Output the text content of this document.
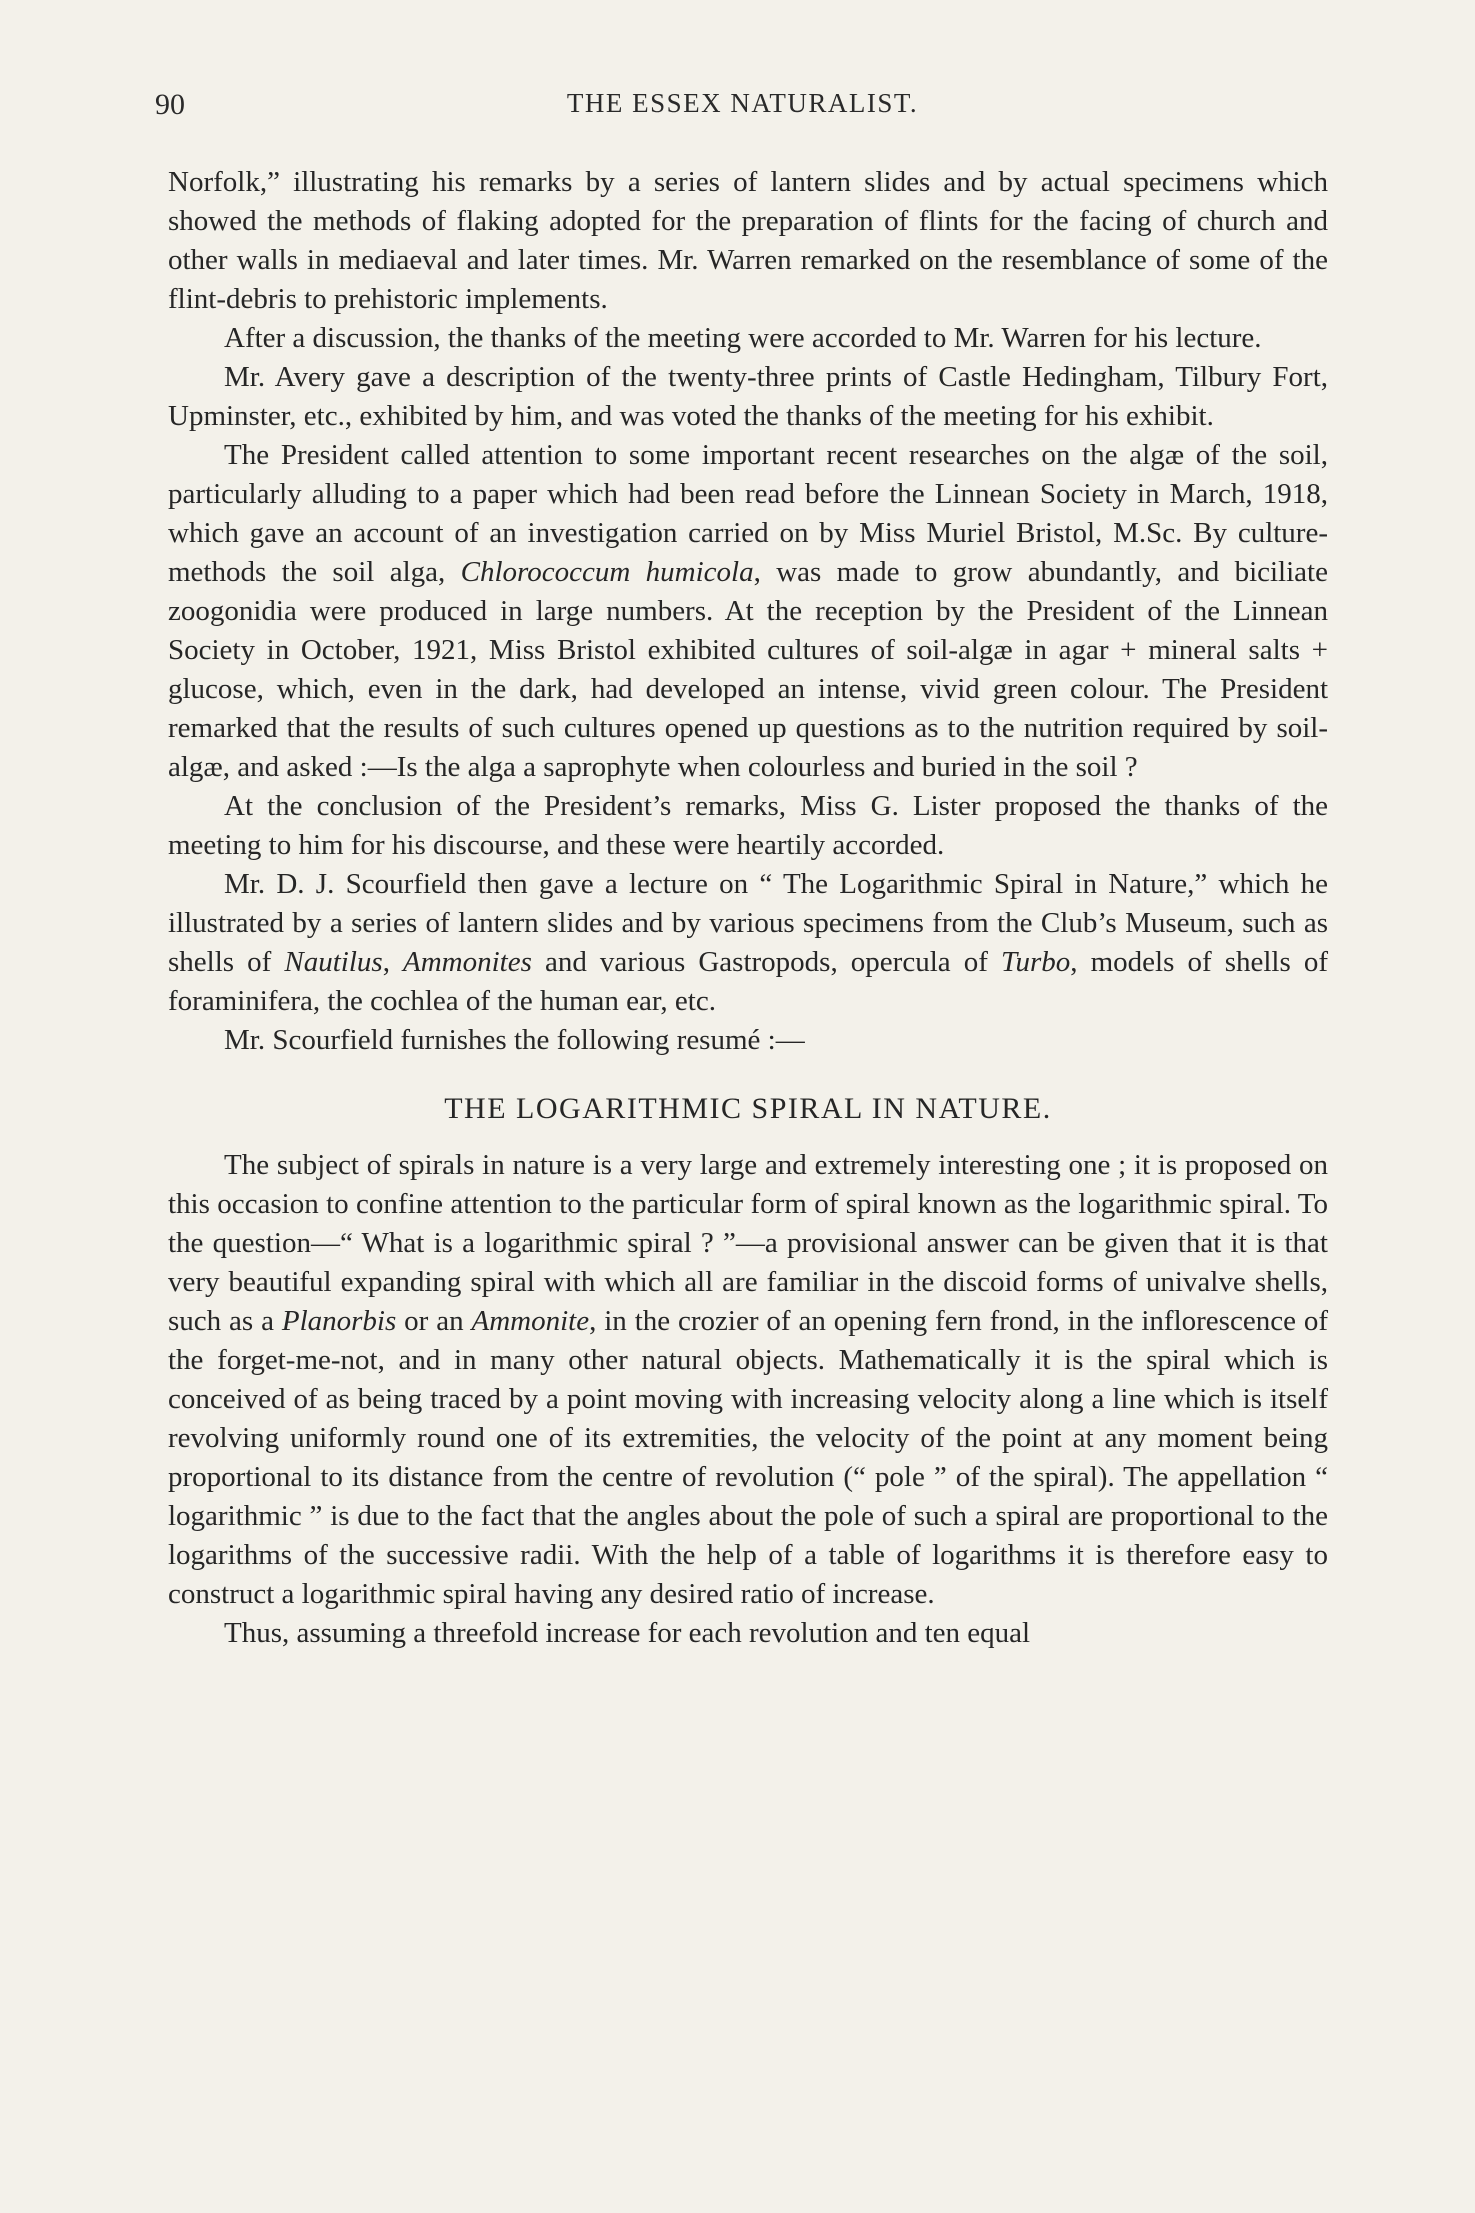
90	THE ESSEX NATURALIST.

Norfolk,” illustrating his remarks by a series of lantern slides and by actual specimens which showed the methods of flaking adopted for the preparation of flints for the facing of church and other walls in mediaeval and later times. Mr. Warren remarked on the resemblance of some of the flint-debris to prehistoric implements.

After a discussion, the thanks of the meeting were accorded to Mr. Warren for his lecture.

Mr. Avery gave a description of the twenty-three prints of Castle Hedingham, Tilbury Fort, Upminster, etc., exhibited by him, and was voted the thanks of the meeting for his exhibit.

The President called attention to some important recent researches on the algæ of the soil, particularly alluding to a paper which had been read before the Linnean Society in March, 1918, which gave an account of an investigation carried on by Miss Muriel Bristol, M.Sc. By culture-methods the soil alga, Chlorococcum humicola, was made to grow abundantly, and biciliate zoogonidia were produced in large numbers. At the reception by the President of the Linnean Society in October, 1921, Miss Bristol exhibited cultures of soil-algæ in agar + mineral salts + glucose, which, even in the dark, had developed an intense, vivid green colour. The President remarked that the results of such cultures opened up questions as to the nutrition required by soil-algæ, and asked :—Is the alga a saprophyte when colourless and buried in the soil ?

At the conclusion of the President’s remarks, Miss G. Lister proposed the thanks of the meeting to him for his discourse, and these were heartily accorded.

Mr. D. J. Scourfield then gave a lecture on “ The Logarithmic Spiral in Nature,” which he illustrated by a series of lantern slides and by various specimens from the Club’s Museum, such as shells of Nautilus, Ammonites and various Gastropods, opercula of Turbo, models of shells of foraminifera, the cochlea of the human ear, etc.

Mr. Scourfield furnishes the following resumé :—

THE LOGARITHMIC SPIRAL IN NATURE.

The subject of spirals in nature is a very large and extremely interesting one ; it is proposed on this occasion to confine attention to the particular form of spiral known as the logarithmic spiral. To the question—“ What is a logarithmic spiral ? ”—a provisional answer can be given that it is that very beautiful expanding spiral with which all are familiar in the discoid forms of univalve shells, such as a Planorbis or an Ammonite, in the crozier of an opening fern frond, in the inflorescence of the forget-me-not, and in many other natural objects. Mathematically it is the spiral which is conceived of as being traced by a point moving with increasing velocity along a line which is itself revolving uniformly round one of its extremities, the velocity of the point at any moment being proportional to its distance from the centre of revolution (“ pole ” of the spiral). The appellation “ logarithmic ” is due to the fact that the angles about the pole of such a spiral are proportional to the logarithms of the successive radii. With the help of a table of logarithms it is therefore easy to construct a logarithmic spiral having any desired ratio of increase.

Thus, assuming a threefold increase for each revolution and ten equal
